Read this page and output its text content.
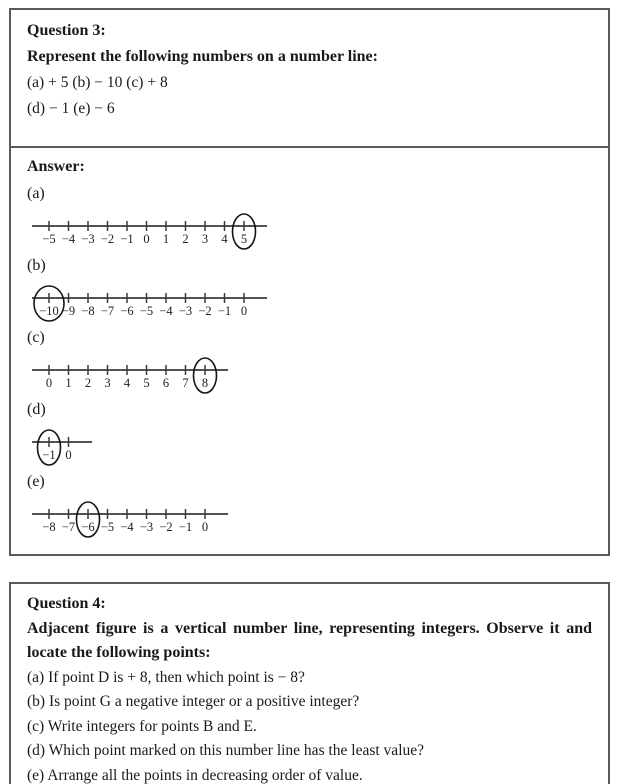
Question 3:

Represent the following numbers on a number line:

(a) + 5 (b) − 10 (c) + 8

(d) − 1 (e) − 6

Answer:

(a)

−5 −4 −3 −2 −1 0 1 2 3 4 5

(b)

−10 −9 −8 −7 −6 −5 −4 −3 −2 −1 0

(c)

0 1 2 3 4 5 6 7 8

(d)

−1 0

(e)

−8 −7 −6 −5 −4 −3 −2 −1 0

Question 4:

Adjacent figure is a vertical number line, representing integers. Observe it and locate the following points:

(a) If point D is + 8, then which point is − 8?

(b) Is point G a negative integer or a positive integer?

(c) Write integers for points B and E.

(d) Which point marked on this number line has the least value?

(e) Arrange all the points in decreasing order of value.
